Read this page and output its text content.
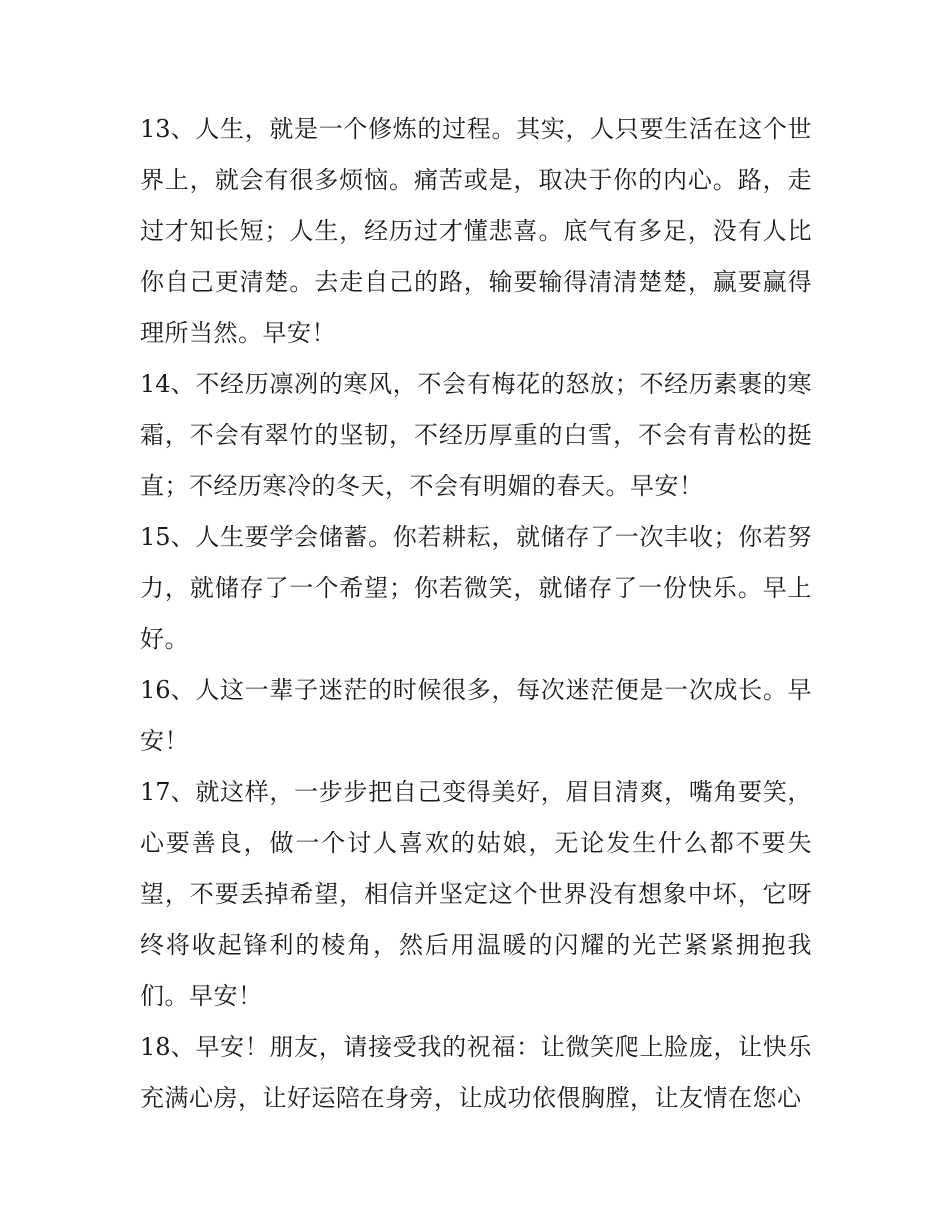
13、人生，就是一个修炼的过程。其实，人只要生活在这个世界上，就会有很多烦恼。痛苦或是，取决于你的内心。路，走过才知长短；人生，经历过才懂悲喜。底气有多足，没有人比你自己更清楚。去走自己的路，输要输得清清楚楚，赢要赢得理所当然。早安！

14、不经历凛冽的寒风，不会有梅花的怒放；不经历素裹的寒霜，不会有翠竹的坚韧，不经历厚重的白雪，不会有青松的挺直；不经历寒冷的冬天，不会有明媚的春天。早安！

15、人生要学会储蓄。你若耕耘，就储存了一次丰收；你若努力，就储存了一个希望；你若微笑，就储存了一份快乐。早上好。

16、人这一辈子迷茫的时候很多，每次迷茫便是一次成长。早安！

17、就这样，一步步把自己变得美好，眉目清爽，嘴角要笑，心要善良，做一个讨人喜欢的姑娘，无论发生什么都不要失望，不要丢掉希望，相信并坚定这个世界没有想象中坏，它呀终将收起锋利的棱角，然后用温暖的闪耀的光芒紧紧拥抱我们。早安！

18、早安！朋友，请接受我的祝福：让微笑爬上脸庞，让快乐充满心房，让好运陪在身旁，让成功依偎胸膛，让友情在您心
